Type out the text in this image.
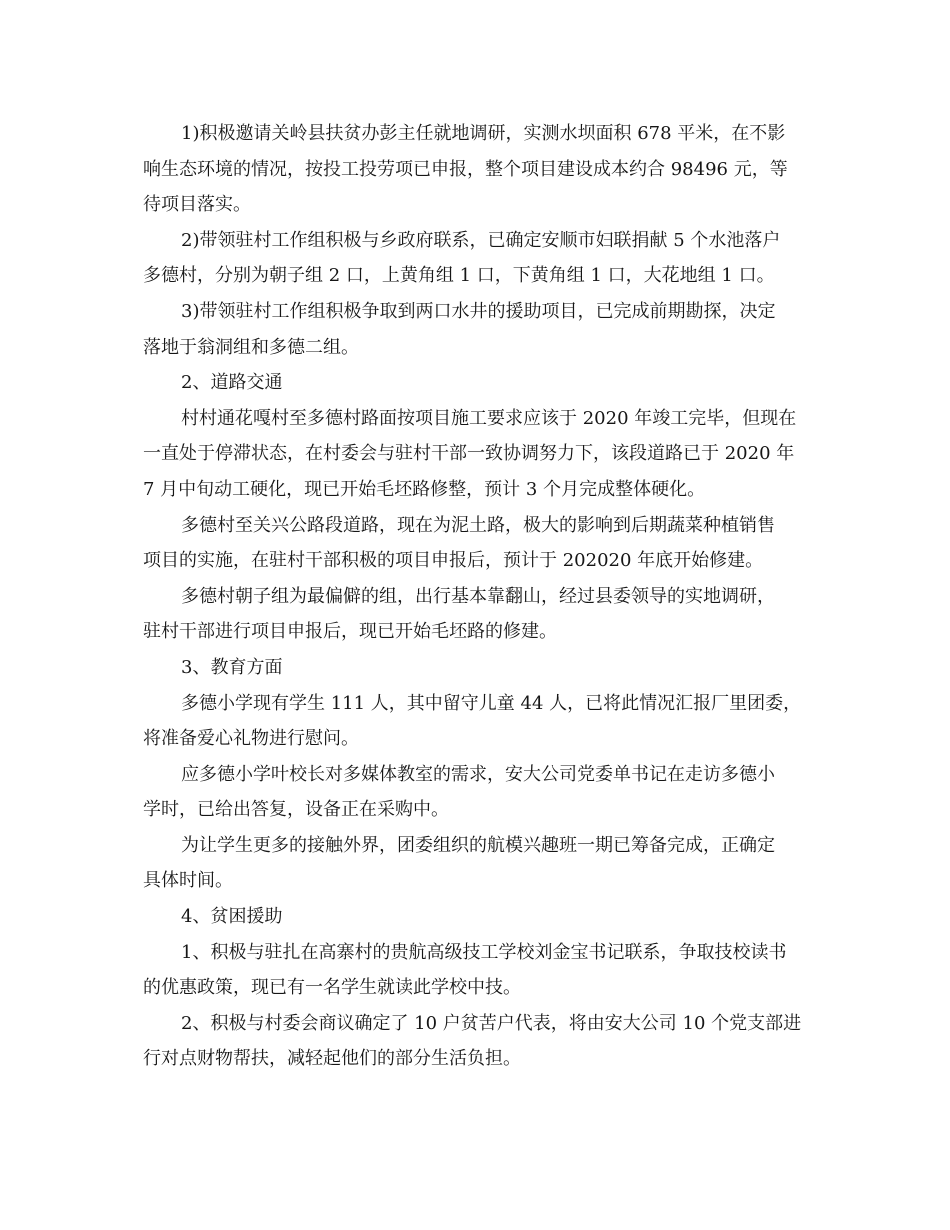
1)积极邀请关岭县扶贫办彭主任就地调研，实测水坝面积 678 平米，在不影
响生态环境的情况，按投工投劳项已申报，整个项目建设成本约合 98496 元，等
待项目落实。
2)带领驻村工作组积极与乡政府联系，已确定安顺市妇联捐献 5 个水池落户
多德村，分别为朝子组 2 口，上黄角组 1 口，下黄角组 1 口，大花地组 1 口。
3)带领驻村工作组积极争取到两口水井的援助项目，已完成前期勘探，决定
落地于翁洞组和多德二组。
2、道路交通
村村通花嘎村至多德村路面按项目施工要求应该于 2020 年竣工完毕，但现在
一直处于停滞状态，在村委会与驻村干部一致协调努力下，该段道路已于 2020 年
7 月中旬动工硬化，现已开始毛坯路修整，预计 3 个月完成整体硬化。
多德村至关兴公路段道路，现在为泥土路，极大的影响到后期蔬菜种植销售
项目的实施，在驻村干部积极的项目申报后，预计于 202020 年底开始修建。
多德村朝子组为最偏僻的组，出行基本靠翻山，经过县委领导的实地调研，
驻村干部进行项目申报后，现已开始毛坯路的修建。
3、教育方面
多德小学现有学生 111 人，其中留守儿童 44 人，已将此情况汇报厂里团委，
将准备爱心礼物进行慰问。
应多德小学叶校长对多媒体教室的需求，安大公司党委单书记在走访多德小
学时，已给出答复，设备正在采购中。
为让学生更多的接触外界，团委组织的航模兴趣班一期已筹备完成，正确定
具体时间。
4、贫困援助
1、积极与驻扎在高寨村的贵航高级技工学校刘金宝书记联系，争取技校读书
的优惠政策，现已有一名学生就读此学校中技。
2、积极与村委会商议确定了 10 户贫苦户代表，将由安大公司 10 个党支部进
行对点财物帮扶，减轻起他们的部分生活负担。
